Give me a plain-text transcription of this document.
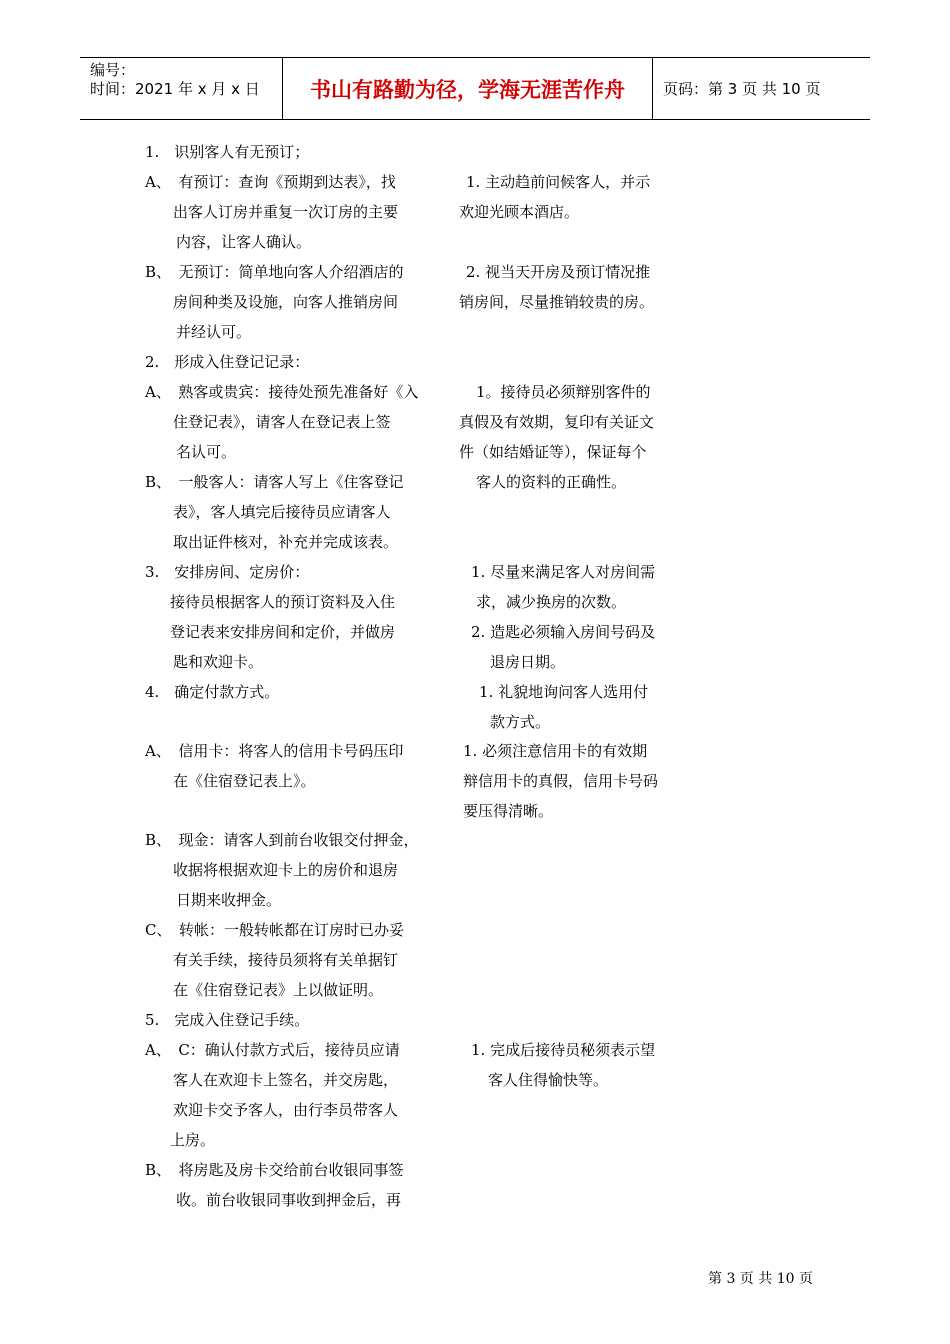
编号：
时间：2021 年 x 月 x 日	书山有路勤为径，学海无涯苦作舟	页码：第 3 页 共 10 页
1.　识别客人有无预订；
A、　有预订：查询《预期到达表》，找
出客人订房并重复一次订房的主要
内容，让客人确认。
B、　无预订：简单地向客人介绍酒店的
房间种类及设施，向客人推销房间
并经认可。
2.　形成入住登记记录：
A、　熟客或贵宾：接待处预先准备好《入
住登记表》，请客人在登记表上签
名认可。
B、　一般客人：请客人写上《住客登记
表》，客人填完后接待员应请客人
取出证件核对，补充并完成该表。
3.　安排房间、定房价：
接待员根据客人的预订资料及入住
登记表来安排房间和定价，并做房
匙和欢迎卡。
4.　确定付款方式。
A、　信用卡：将客人的信用卡号码压印
在《住宿登记表上》。
B、　现金：请客人到前台收银交付押金，
收据将根据欢迎卡上的房价和退房
日期来收押金。
C、　转帐：一般转帐都在订房时已办妥
有关手续，接待员须将有关单据钉
在《住宿登记表》上以做证明。
5.　完成入住登记手续。
A、　C：确认付款方式后，接待员应请
客人在欢迎卡上签名，并交房匙，
欢迎卡交予客人，由行李员带客人
上房。
B、　将房匙及房卡交给前台收银同事签
收。前台收银同事收到押金后，再
1. 主动趋前问候客人，并示
欢迎光顾本酒店。
2. 视当天开房及预订情况推
销房间，尽量推销较贵的房。
1。接待员必须辩别客件的
真假及有效期，复印有关证文
件（如结婚证等），保证每个
客人的资料的正确性。
1. 尽量来满足客人对房间需
求，减少换房的次数。
2. 造匙必须输入房间号码及
退房日期。
1. 礼貌地询问客人选用付
款方式。
1. 必须注意信用卡的有效期
辩信用卡的真假，信用卡号码
要压得清晰。
1. 完成后接待员秘须表示望
客人住得愉快等。
第 3 页 共 10 页
